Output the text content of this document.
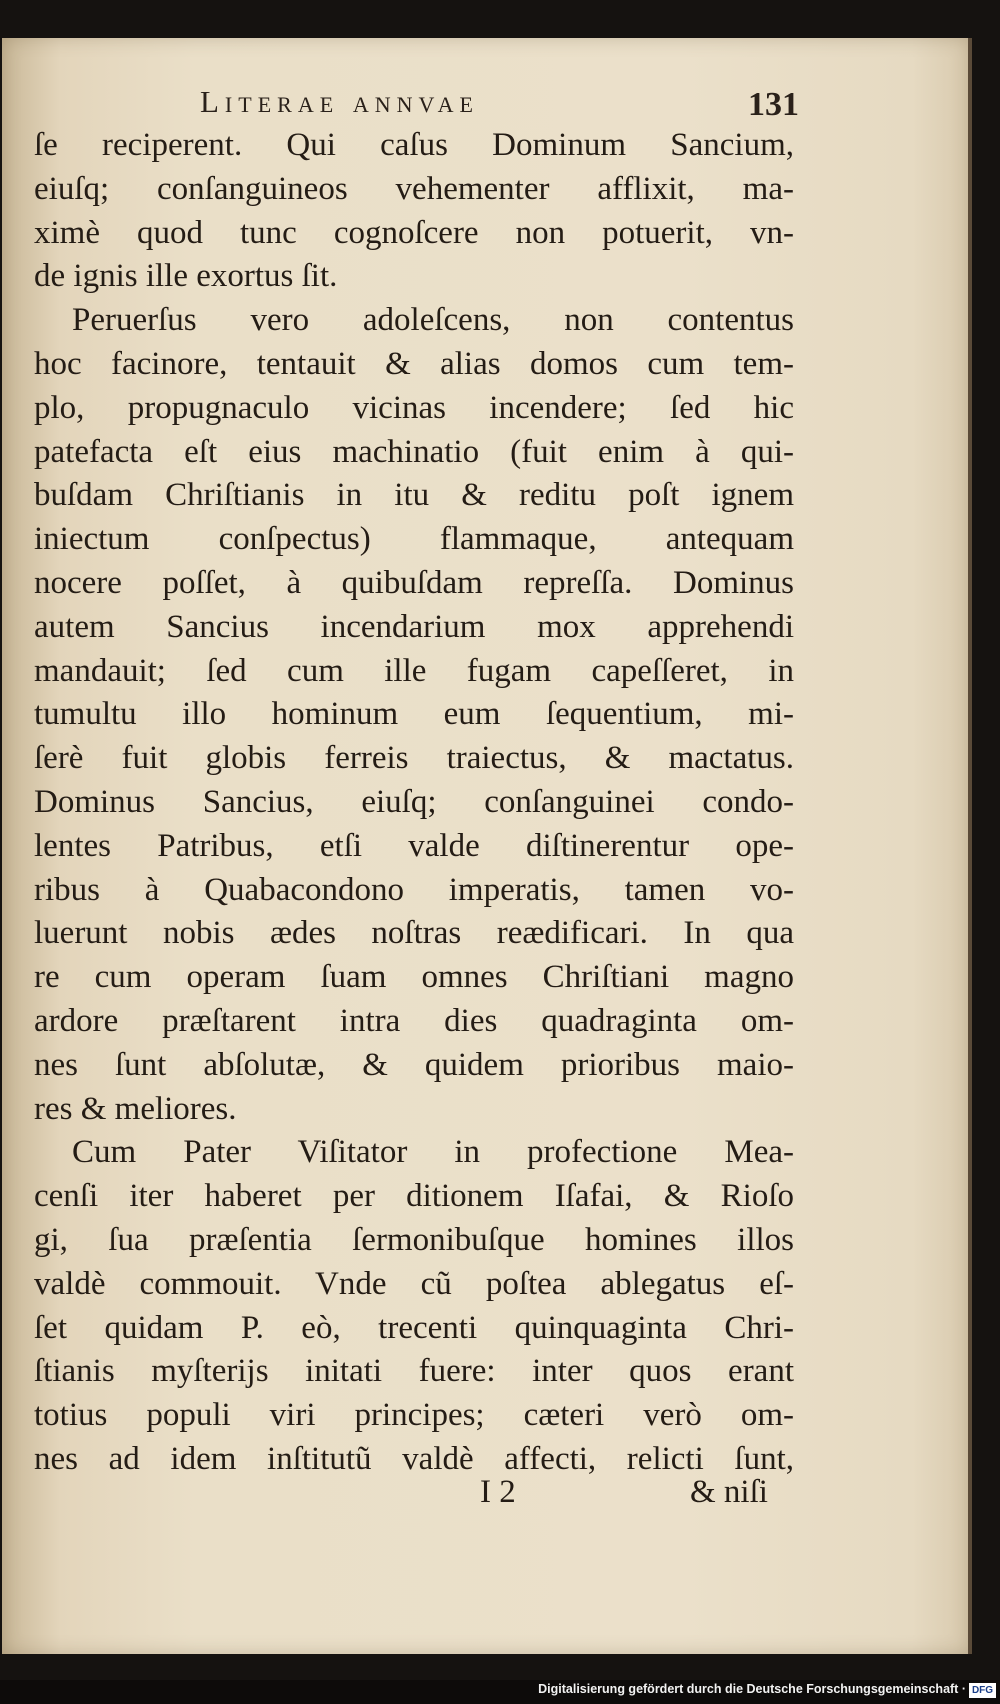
Literae annvae	131
ſe reciperent. Qui caſus Dominum Sancium,
eiuſq; conſanguineos vehementer afflixit, ma-
ximè quod tunc cognoſcere non potuerit, vn-
de ignis ille exortus ſit.
Peruerſus vero adoleſcens, non contentus
hoc facinore, tentauit & alias domos cum tem-
plo, propugnaculo vicinas incendere; ſed hic
patefacta eſt eius machinatio (fuit enim à qui-
buſdam Chriſtianis in itu & reditu poſt ignem
iniectum conſpectus) flammaque, antequam
nocere poſſet, à quibuſdam repreſſa. Dominus
autem Sancius incendarium mox apprehendi
mandauit; ſed cum ille fugam capeſſeret, in
tumultu illo hominum eum ſequentium, mi-
ſerè fuit globis ferreis traiectus, & mactatus.
Dominus Sancius, eiuſq; conſanguinei condo-
lentes Patribus, etſi valde diſtinerentur ope-
ribus à Quabacondono imperatis, tamen vo-
luerunt nobis ædes noſtras reædificari. In qua
re cum operam ſuam omnes Chriſtiani magno
ardore præſtarent intra dies quadraginta om-
nes ſunt abſolutæ, & quidem prioribus maio-
res & meliores.
Cum Pater Viſitator in profectione Mea-
cenſi iter haberet per ditionem Iſafai, & Rioſo
gi, ſua præſentia ſermonibuſque homines illos
valdè commouit. Vnde cũ poſtea ablegatus eſ-
ſet quidam P. eò, trecenti quinquaginta Chri-
ſtianis myſterijs initati fuere: inter quos erant
totius populi viri principes; cæteri verò om-
nes ad idem inſtitutũ valdè affecti, relicti ſunt,
I 2	& niſi
Digitalisierung gefördert durch die Deutsche Forschungsgemeinschaft · DFG
